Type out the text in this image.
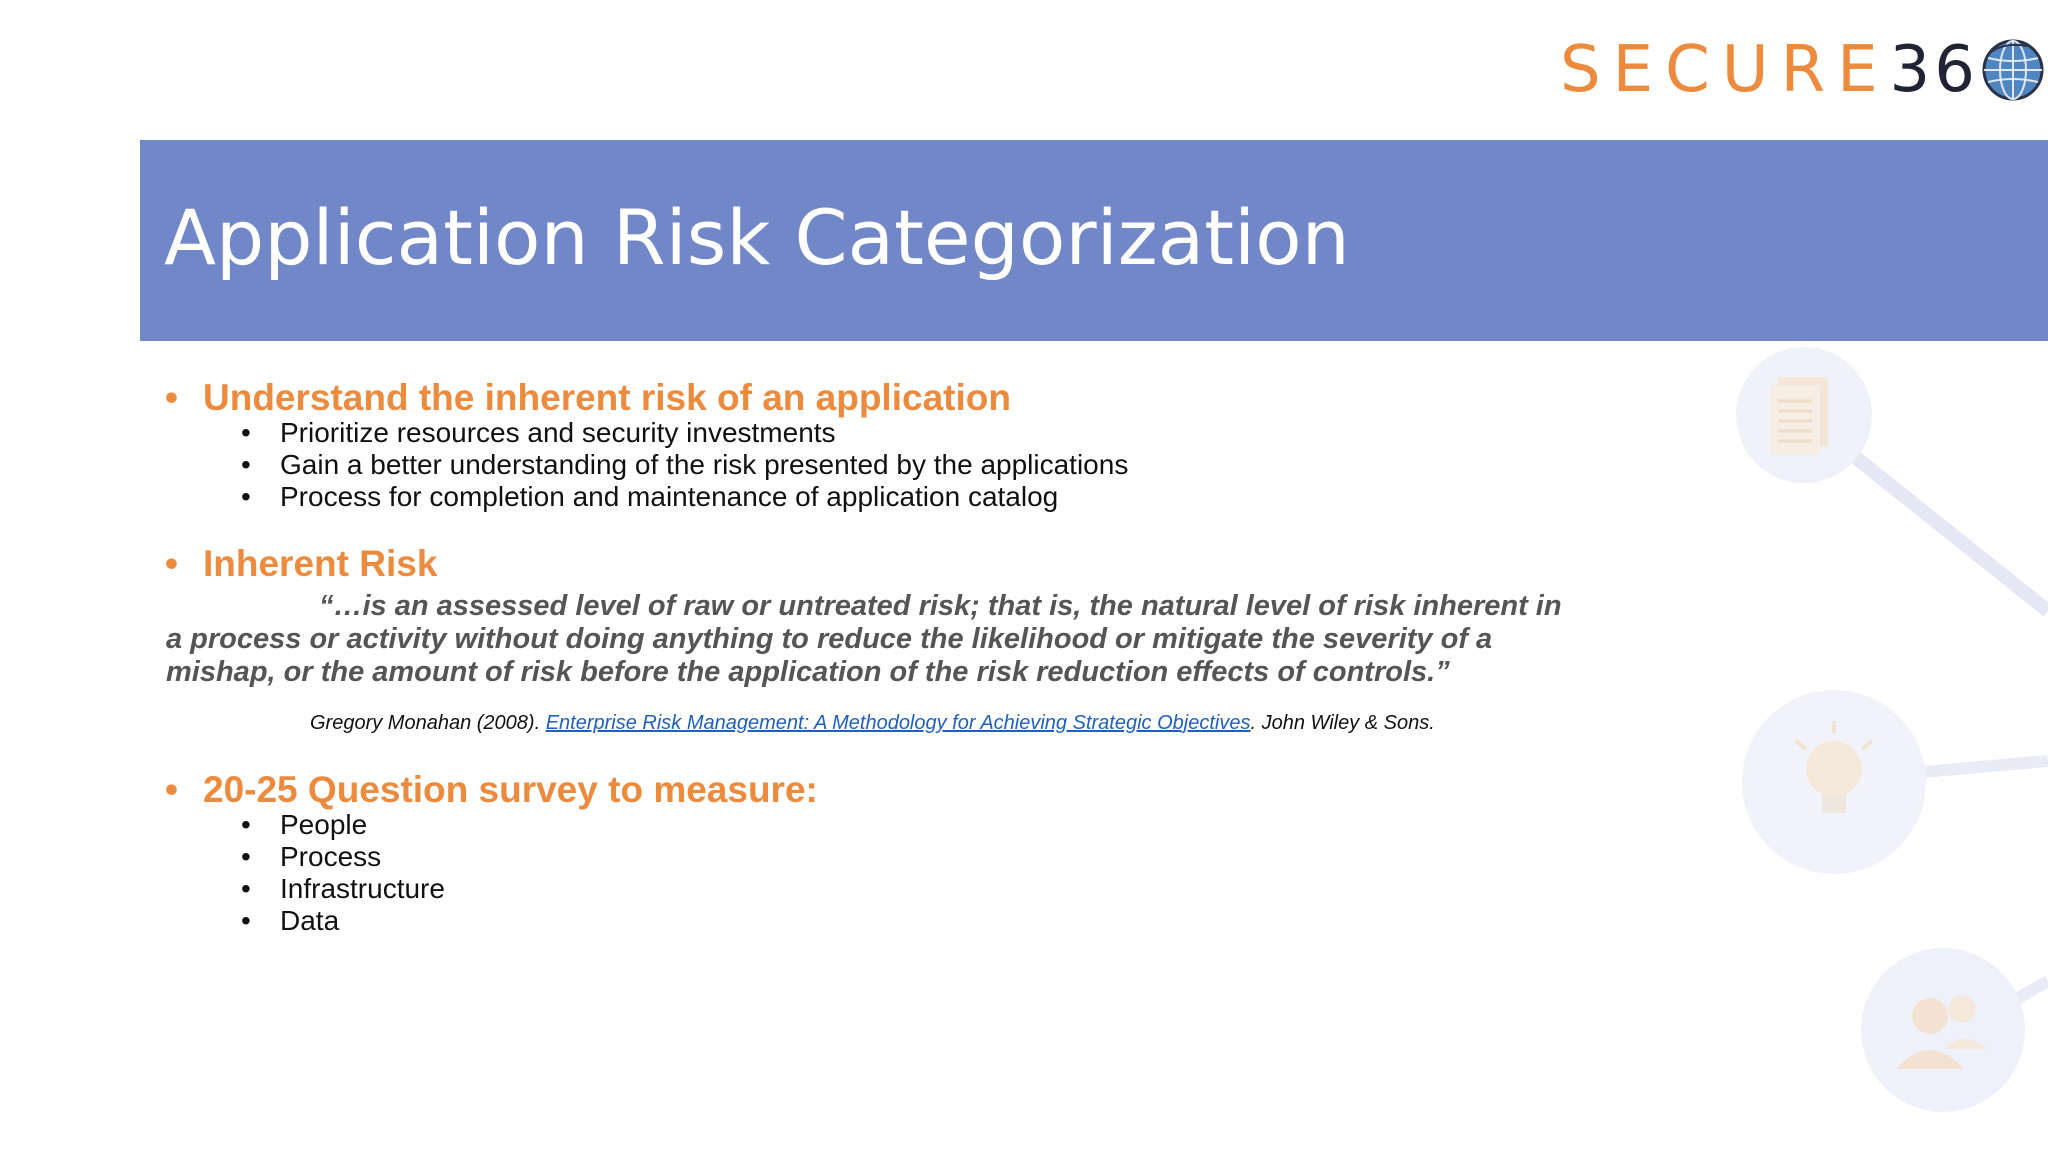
SECURE 36
Application Risk Categorization
• Understand the inherent risk of an application
• Prioritize resources and security investments
• Gain a better understanding of the risk presented by the applications
• Process for completion and maintenance of application catalog
• Inherent Risk
“…is an assessed level of raw or untreated risk; that is, the natural level of risk inherent in a process or activity without doing anything to reduce the likelihood or mitigate the severity of a mishap, or the amount of risk before the application of the risk reduction effects of controls.”
Gregory Monahan (2008). Enterprise Risk Management: A Methodology for Achieving Strategic Objectives. John Wiley & Sons.
• 20-25 Question survey to measure:
• People
• Process
• Infrastructure
• Data
